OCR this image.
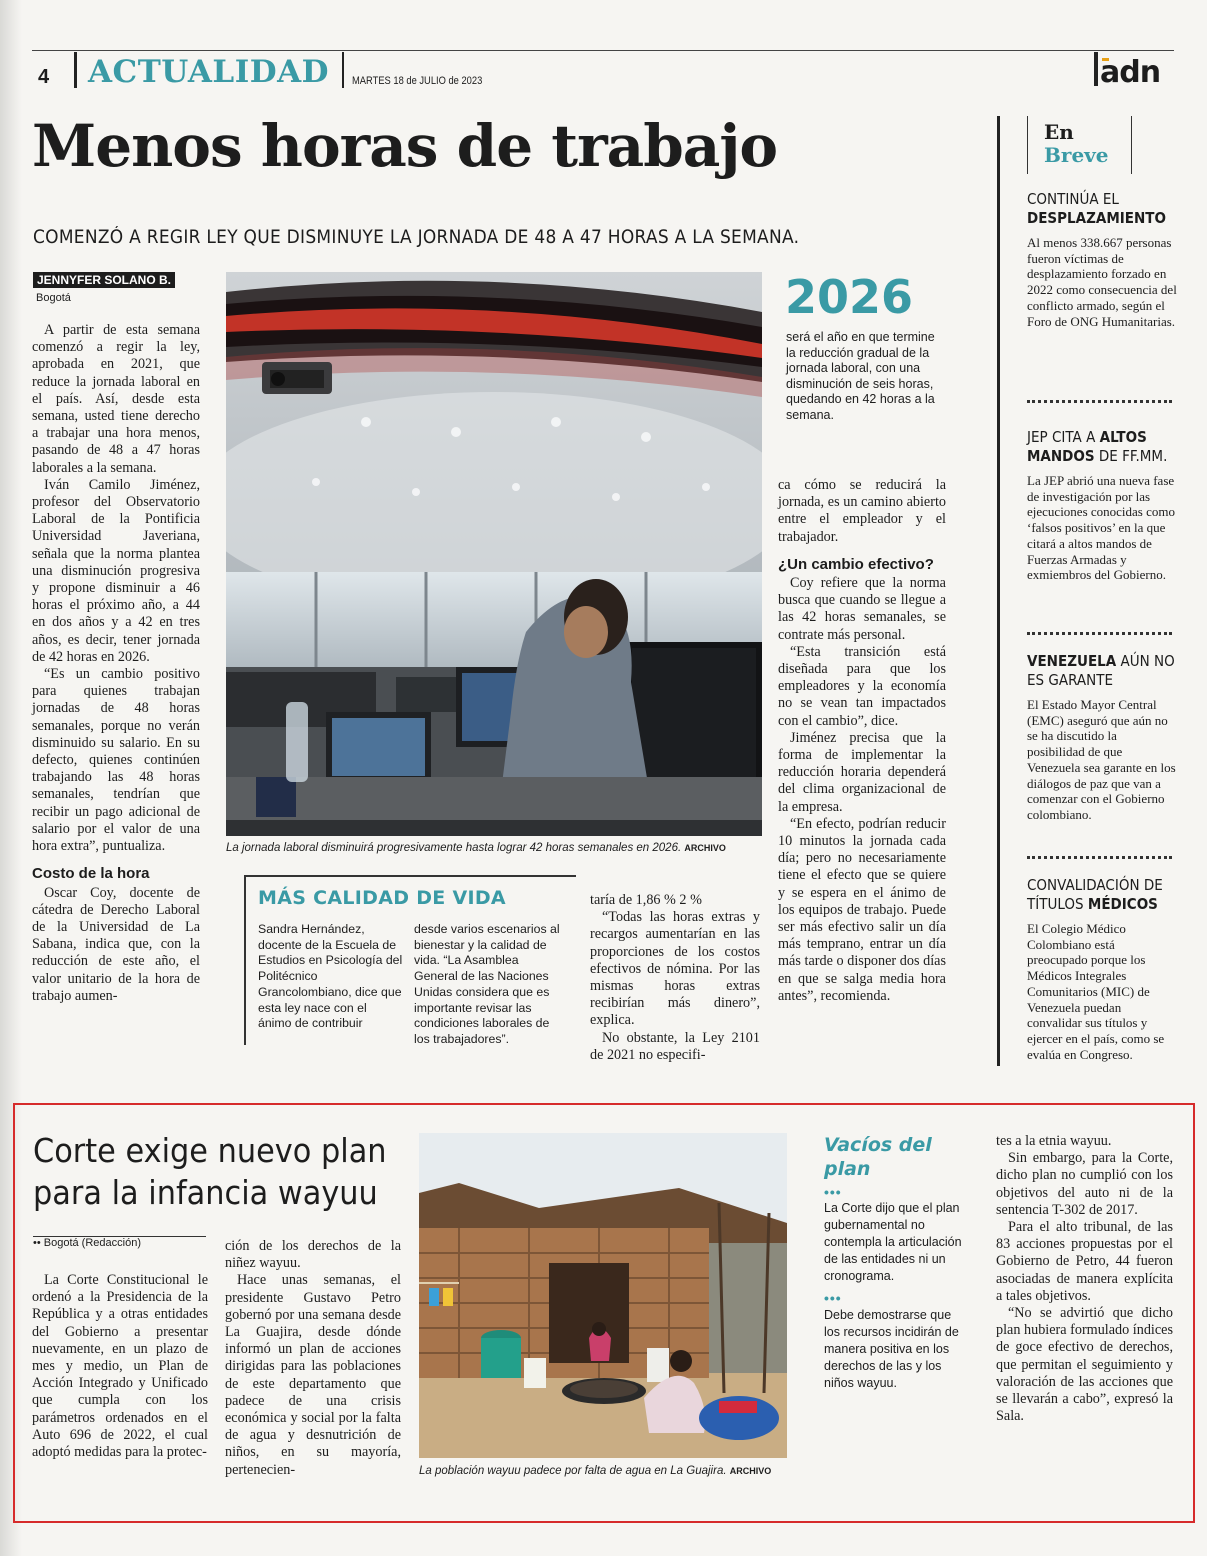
4 ACTUALIDAD MARTES 18 de JULIO de 2023	adn
Menos horas de trabajo
COMENZÓ A REGIR LEY QUE DISMINUYE LA JORNADA DE 48 A 47 HORAS A LA SEMANA.
JENNYFER SOLANO B.
Bogotá

A partir de esta semana comenzó a regir la ley, aprobada en 2021, que reduce la jornada laboral en el país. Así, desde esta semana, usted tiene derecho a trabajar una hora menos, pasando de 48 a 47 horas laborales a la semana.

Iván Camilo Jiménez, profesor del Observatorio Laboral de la Pontificia Universidad Javeriana, señala que la norma plantea una disminución progresiva y propone disminuir a 46 horas el próximo año, a 44 en dos años y a 42 en tres años, es decir, tener jornada de 42 horas en 2026.

“Es un cambio positivo para quienes trabajan jornadas de 48 horas semanales, porque no verán disminuido su salario. En su defecto, quienes continúen trabajando las 48 horas semanales, tendrían que recibir un pago adicional de salario por el valor de una hora extra”, puntualiza.

Costo de la hora

Oscar Coy, docente de cátedra de Derecho Laboral de la Universidad de La Sabana, indica que, con la reducción de este año, el valor unitario de la hora de trabajo aumen-

La jornada laboral disminuirá progresivamente hasta lograr 42 horas semanales en 2026. ARCHIVO
2026
será el año en que termine la reducción gradual de la jornada laboral, con una disminución de seis horas, quedando en 42 horas a la semana.

ca cómo se reducirá la jornada, es un camino abierto entre el empleador y el trabajador.

¿Un cambio efectivo?

Coy refiere que la norma busca que cuando se llegue a las 42 horas semanales, se contrate más personal.

“Esta transición está diseñada para que los empleadores y la economía no se vean tan impactados con el cambio”, dice.

Jiménez precisa que la forma de implementar la reducción horaria dependerá del clima organizacional de la empresa.

“En efecto, podrían reducir 10 minutos la jornada cada día; pero no necesariamente tiene el efecto que se quiere y se espera en el ánimo de los equipos de trabajo. Puede ser más efectivo salir un día más temprano, entrar un día más tarde o disponer dos días en que se salga media hora antes”, recomienda.

MÁS CALIDAD DE VIDA
Sandra Hernández, docente de la Escuela de Estudios en Psicología del Politécnico Grancolombiano, dice que esta ley nace con el ánimo de contribuir
desde varios escenarios al bienestar y la calidad de vida. “La Asamblea General de las Naciones Unidas considera que es importante revisar las condiciones laborales de los trabajadores”.

taría de 1,86 % 2 %

“Todas las horas extras y recargos aumentarían en las proporciones de los costos efectivos de nómina. Por las mismas horas extras recibirían más dinero”, explica.

No obstante, la Ley 2101 de 2021 no especifi-

En
Breve
CONTINÚA EL
DESPLAZAMIENTO
Al menos 338.667 personas fueron víctimas de desplazamiento forzado en 2022 como consecuencia del conflicto armado, según el Foro de ONG Humanitarias.
JEP CITA A ALTOS MANDOS DE FF.MM.
La JEP abrió una nueva fase de investigación por las ejecuciones conocidas como ‘falsos positivos’ en la que citará a altos mandos de Fuerzas Armadas y exmiembros del Gobierno.
VENEZUELA AÚN NO ES GARANTE
El Estado Mayor Central (EMC) aseguró que aún no se ha discutido la posibilidad de que Venezuela sea garante en los diálogos de paz que van a comenzar con el Gobierno colombiano.
CONVALIDACIÓN DE TÍTULOS MÉDICOS
El Colegio Médico Colombiano está preocupado porque los Médicos Integrales Comunitarios (MIC) de Venezuela puedan convalidar sus títulos y ejercer en el país, como se evalúa en Congreso.
Corte exige nuevo plan
para la infancia wayuu
•• Bogotá (Redacción)

La Corte Constitucional le ordenó a la Presidencia de la República y a otras entidades del Gobierno a presentar nuevamente, en un plazo de mes y medio, un Plan de Acción Integrado y Unificado que cumpla con los parámetros ordenados en el Auto 696 de 2022, el cual adoptó medidas para la protec-

ción de los derechos de la niñez wayuu.

Hace unas semanas, el presidente Gustavo Petro gobernó por una semana desde La Guajira, desde dónde informó un plan de acciones dirigidas para las poblaciones de este departamento que padece de una crisis económica y social por la falta de agua y desnutrición de niños, en su mayoría, pertenecien-	La población wayuu padece por falta de agua en La Guajira. ARCHIVO
Vacíos del plan
•••
La Corte dijo que el plan gubernamental no contempla la articulación de las entidades ni un cronograma.
•••
Debe demostrarse que los recursos incidirán de manera positiva en los derechos de las y los niños wayuu.

tes a la etnia wayuu.

Sin embargo, para la Corte, dicho plan no cumplió con los objetivos del auto ni de la sentencia T-302 de 2017.

Para el alto tribunal, de las 83 acciones propuestas por el Gobierno de Petro, 44 fueron asociadas de manera explícita a tales objetivos.

“No se advirtió que dicho plan hubiera formulado índices de goce efectivo de derechos, que permitan el seguimiento y valoración de las acciones que se llevarán a cabo”, expresó la Sala.
